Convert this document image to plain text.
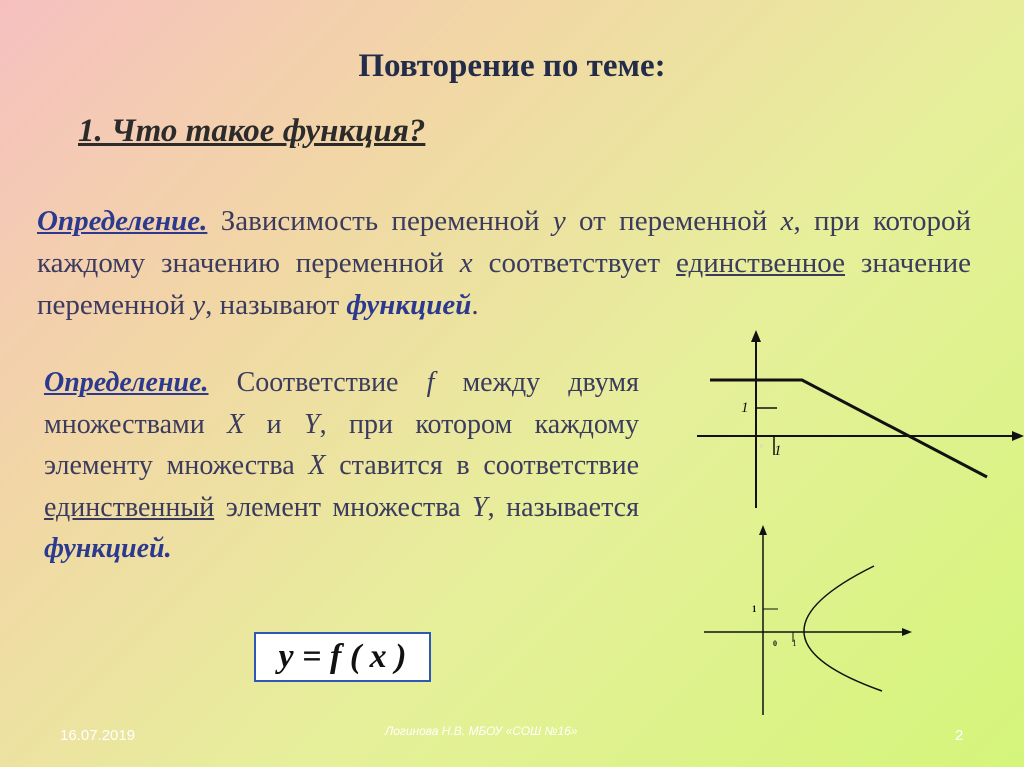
Повторение по теме:
1. Что такое функция?
Определение. Зависимость переменной у от переменной х, при которой каждому значению переменной х соответствует единственное значение переменной у, называют функцией.
Определение. Соответствие f между двумя множествами X и Y, при котором каждому элементу множества X ставится в соответствие единственный элемент множества Y, называется функцией.
y = f ( x )
1
1
0
1
1
0
16.07.2019	Логинова Н.В. МБОУ «СОШ №16»	2
